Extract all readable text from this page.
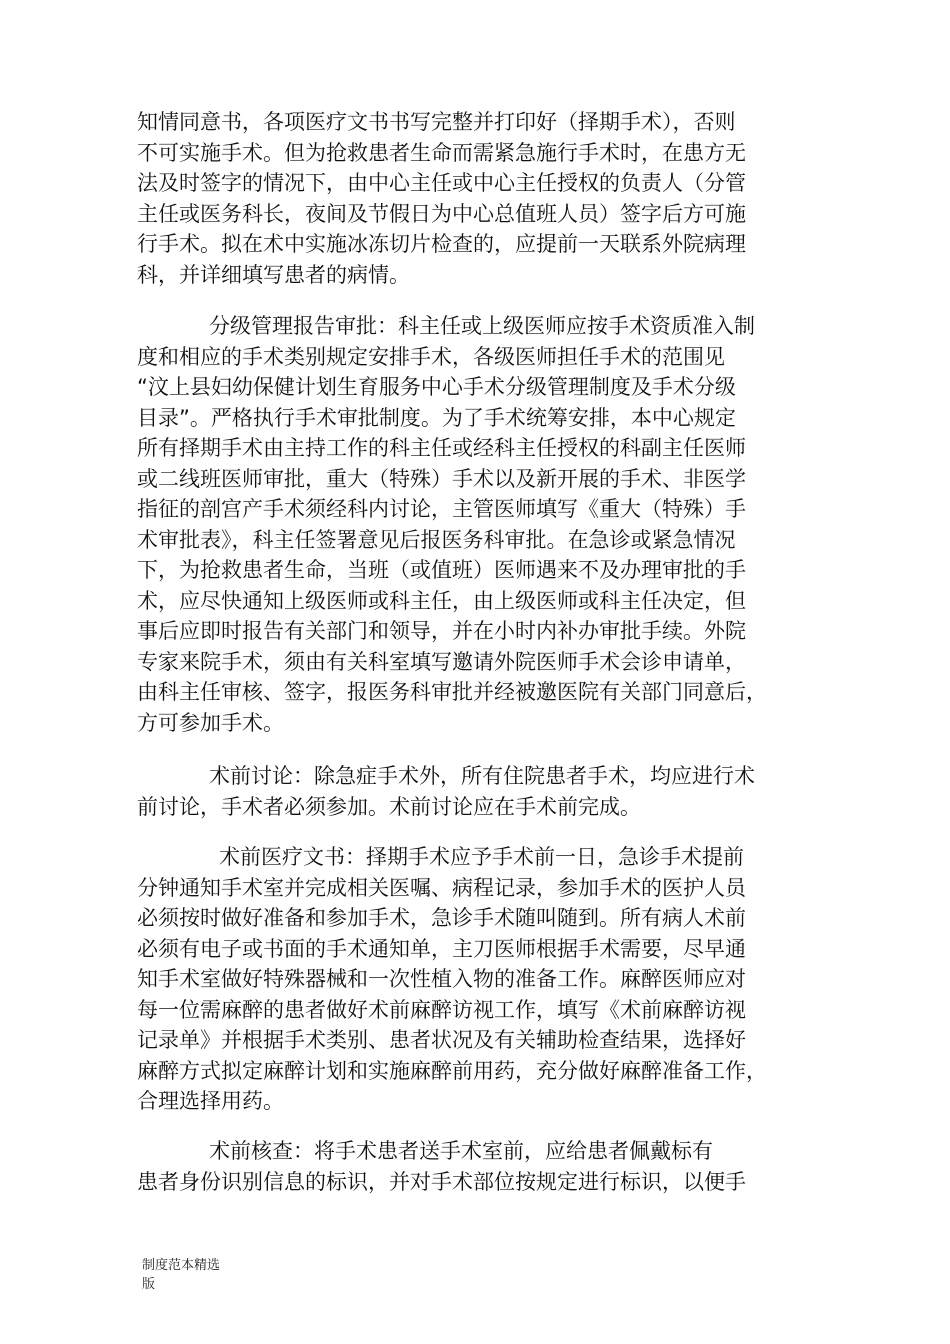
知情同意书，各项医疗文书书写完整并打印好（择期手术），否则
不可实施手术。但为抢救患者生命而需紧急施行手术时，在患方无
法及时签字的情况下，由中心主任或中心主任授权的负责人（分管
主任或医务科长，夜间及节假日为中心总值班人员）签字后方可施
行手术。拟在术中实施冰冻切片检查的，应提前一天联系外院病理
科，并详细填写患者的病情。
分级管理报告审批：科主任或上级医师应按手术资质准入制
度和相应的手术类别规定安排手术，各级医师担任手术的范围见
“汶上县妇幼保健计划生育服务中心手术分级管理制度及手术分级
目录”。严格执行手术审批制度。为了手术统筹安排，本中心规定
所有择期手术由主持工作的科主任或经科主任授权的科副主任医师
或二线班医师审批，重大（特殊）手术以及新开展的手术、非医学
指征的剖宫产手术须经科内讨论，主管医师填写《重大（特殊）手
术审批表》，科主任签署意见后报医务科审批。在急诊或紧急情况
下，为抢救患者生命，当班（或值班）医师遇来不及办理审批的手
术，应尽快通知上级医师或科主任，由上级医师或科主任决定，但
事后应即时报告有关部门和领导，并在小时内补办审批手续。外院
专家来院手术，须由有关科室填写邀请外院医师手术会诊申请单，
由科主任审核、签字，报医务科审批并经被邀医院有关部门同意后，
方可参加手术。
术前讨论：除急症手术外，所有住院患者手术，均应进行术
前讨论，手术者必须参加。术前讨论应在手术前完成。
术前医疗文书：择期手术应予手术前一日，急诊手术提前
分钟通知手术室并完成相关医嘱、病程记录，参加手术的医护人员
必须按时做好准备和参加手术，急诊手术随叫随到。所有病人术前
必须有电子或书面的手术通知单，主刀医师根据手术需要，尽早通
知手术室做好特殊器械和一次性植入物的准备工作。麻醉医师应对
每一位需麻醉的患者做好术前麻醉访视工作，填写《术前麻醉访视
记录单》并根据手术类别、患者状况及有关辅助检查结果，选择好
麻醉方式拟定麻醉计划和实施麻醉前用药，充分做好麻醉准备工作，
合理选择用药。
术前核查：将手术患者送手术室前，应给患者佩戴标有
患者身份识别信息的标识，并对手术部位按规定进行标识，以便手
制度范本精选
版
